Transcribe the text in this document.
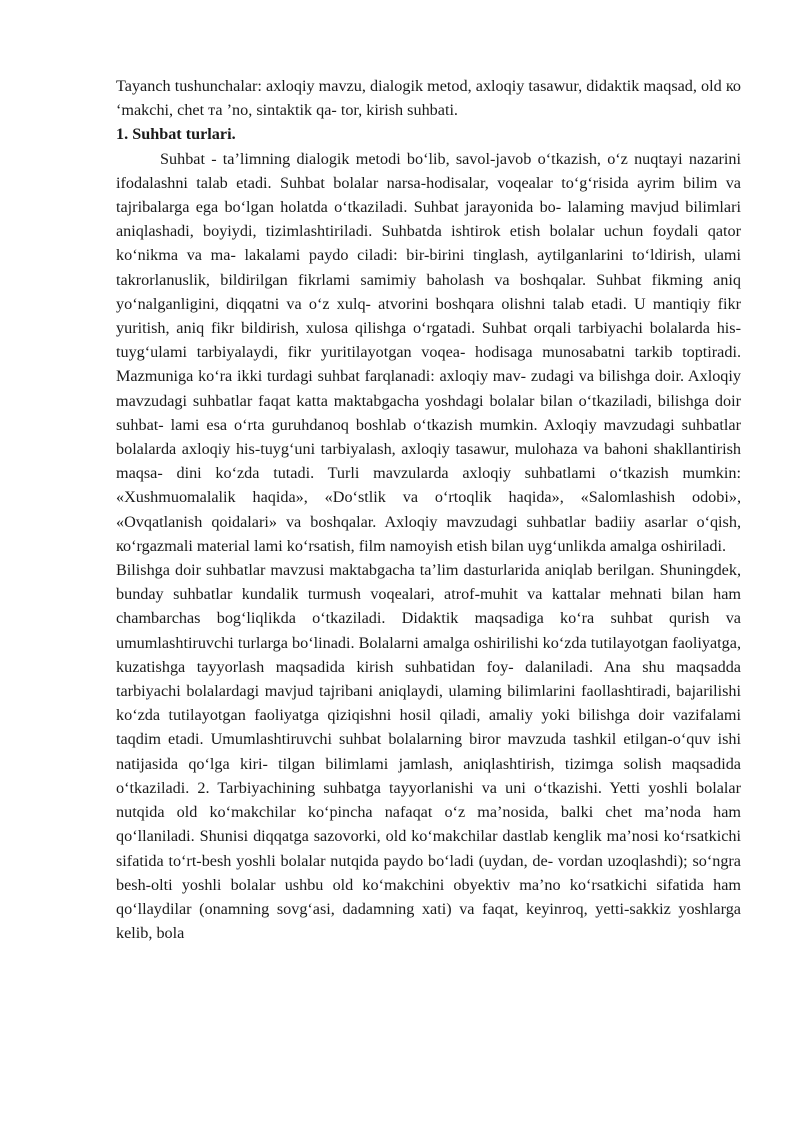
Tayanch tushunchalar: axloqiy mavzu, dialogik metod, axloqiy tasawur, didaktik maqsad, old ко ‘makchi, chet та ’no, sintaktik qa- tor, kirish suhbati.

1. Suhbat turlari.

Suhbat - ta’limning dialogik metodi bo‘lib, savol-javob o‘tkazish, o‘z nuqtayi nazarini ifodalashni talab etadi. Suhbat bolalar narsa-hodisalar, voqealar to‘g‘risida ayrim bilim va tajribalarga ega bo‘lgan holatda o‘tkaziladi. Suhbat jarayonida bo- lalaming mavjud bilimlari aniqlashadi, boyiydi, tizimlashtiriladi. Suhbatda ishtirok etish bolalar uchun foydali qator ko‘nikma va ma- lakalami paydo ciladi: bir-birini tinglash, aytilganlarini to‘ldirish, ulami takrorlanuslik, bildirilgan fikrlami samimiy baholash va boshqalar. Suhbat fikming aniq yo‘nalganligini, diqqatni va o‘z xulq- atvorini boshqara olishni talab etadi. U mantiqiy fikr yuritish, aniq fikr bildirish, xulosa qilishga o‘rgatadi. Suhbat orqali tarbiyachi bolalarda his-tuyg‘ulami tarbiyalaydi, fikr yuritilayotgan voqea- hodisaga munosabatni tarkib toptiradi. Mazmuniga ko‘ra ikki turdagi suhbat farqlanadi: axloqiy mav- zudagi va bilishga doir. Axloqiy mavzudagi suhbatlar faqat katta maktabgacha yoshdagi bolalar bilan o‘tkaziladi, bilishga doir suhbat- lami esa o‘rta guruhdanoq boshlab o‘tkazish mumkin. Axloqiy mavzudagi suhbatlar bolalarda axloqiy his-tuyg‘uni tarbiyalash, axloqiy tasawur, mulohaza va bahoni shakllantirish maqsa- dini ko‘zda tutadi. Turli mavzularda axloqiy suhbatlami o‘tkazish mumkin: «Xushmuomalalik haqida», «Do‘stlik va o‘rtoqlik haqida», «Salomlashish odobi», «Ovqatlanish qoidalari» va boshqalar. Axloqiy mavzudagi suhbatlar badiiy asarlar o‘qish, ко‘rgazmali material lami ko‘rsatish, film namoyish etish bilan uyg‘unlikda amalga oshiriladi.

Bilishga doir suhbatlar mavzusi maktabgacha ta’lim dasturlarida aniqlab berilgan. Shuningdek, bunday suhbatlar kundalik turmush voqealari, atrof-muhit va kattalar mehnati bilan ham chambarchas bog‘liqlikda o‘tkaziladi. Didaktik maqsadiga ko‘ra suhbat qurish va umumlashtiruvchi turlarga bo‘linadi. Bolalarni amalga oshirilishi ko‘zda tutilayotgan faoliyatga, kuzatishga tayyorlash maqsadida kirish suhbatidan foy- dalaniladi. Ana shu maqsadda tarbiyachi bolalardagi mavjud tajribani aniqlaydi, ulaming bilimlarini faollashtiradi, bajarilishi ko‘zda tutilayotgan faoliyatga qiziqishni hosil qiladi, amaliy yoki bilishga doir vazifalami taqdim etadi. Umumlashtiruvchi suhbat bolalarning biror mavzuda tashkil etilgan-o‘quv ishi natijasida qo‘lga kiri- tilgan bilimlami jamlash, aniqlashtirish, tizimga solish maqsadida o‘tkaziladi. 2. Tarbiyachining suhbatga tayyorlanishi va uni o‘tkazishi. Yetti yoshli bolalar nutqida old ko‘makchilar ko‘pincha nafaqat o‘z ma’nosida, balki chet ma’noda ham qo‘llaniladi. Shunisi diqqatga sazovorki, old ko‘makchilar dastlab kenglik ma’nosi ko‘rsatkichi sifatida to‘rt-besh yoshli bolalar nutqida paydo bo‘ladi (uydan, de- vordan uzoqlashdi); so‘ngra besh-olti yoshli bolalar ushbu old ko‘makchini obyektiv ma’no ko‘rsatkichi sifatida ham qo‘llaydilar (onamning sovg‘asi, dadamning xati) va faqat, keyinroq, yetti-sakkiz yoshlarga kelib, bola
